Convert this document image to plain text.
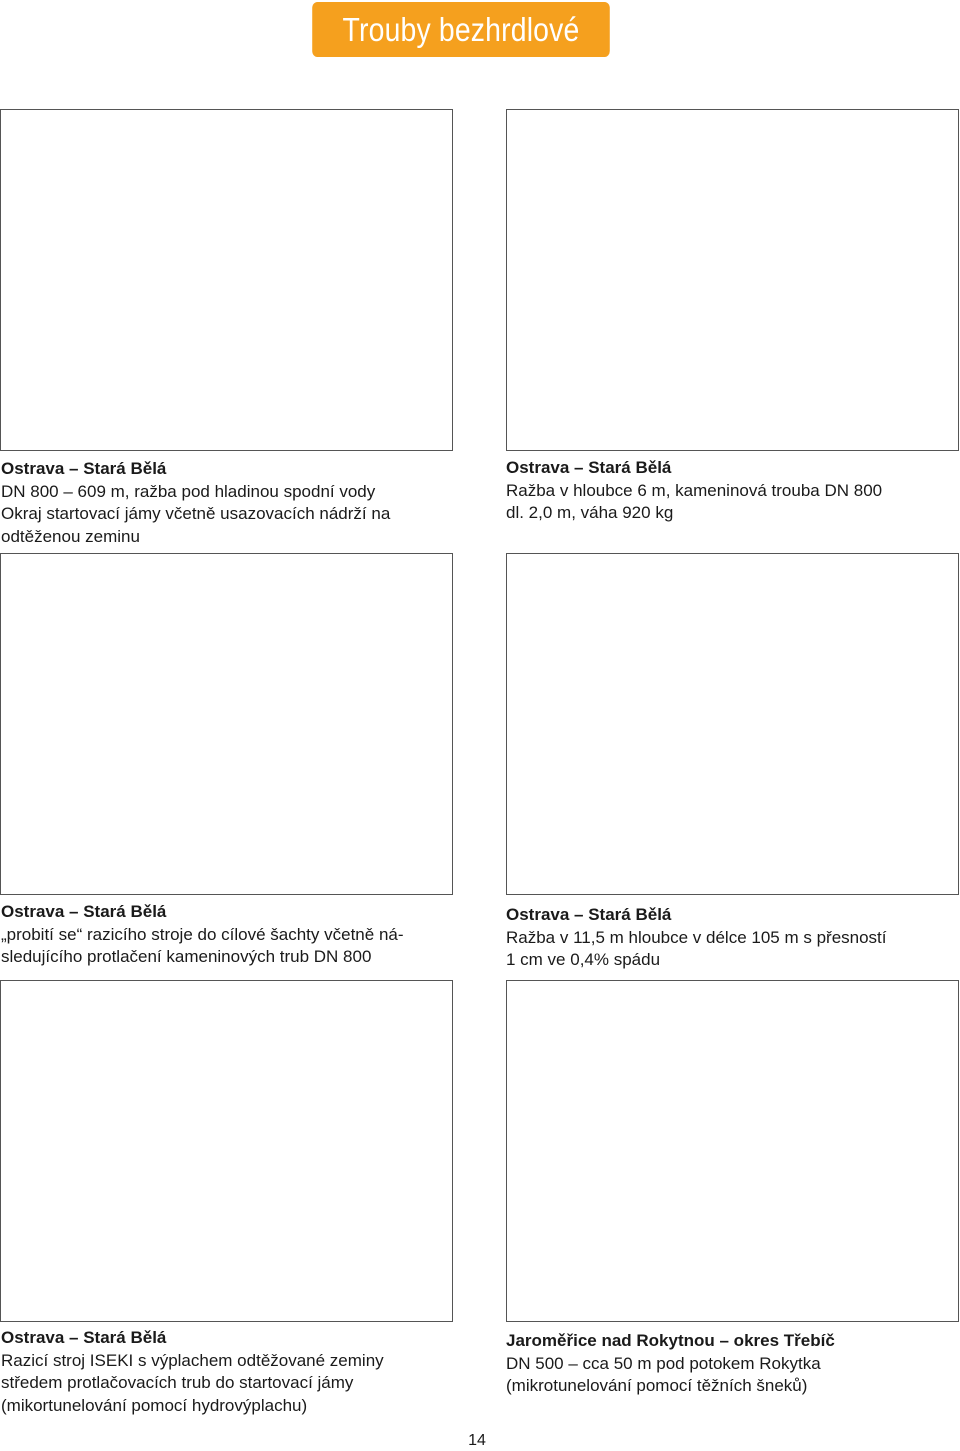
Trouby bezhrdlové
Ostrava – Stará Bělá
DN 800 – 609 m, ražba pod hladinou spodní vody
Okraj startovací jámy včetně usazovacích nádrží na
odtěženou zeminu
Ostrava – Stará Bělá
Ražba v hloubce 6 m, kameninová trouba DN 800
dl. 2,0 m, váha 920 kg
Ostrava – Stará Bělá
„probití se“ razicího stroje do cílové šachty včetně ná-
sledujícího protlačení kameninových trub DN 800
Ostrava – Stará Bělá
Ražba v 11,5 m hloubce v délce 105 m s přesností
1 cm ve 0,4% spádu
Ostrava – Stará Bělá
Razicí stroj ISEKI s výplachem odtěžované zeminy
středem protlačovacích trub do startovací jámy
(mikortunelování pomocí hydrovýplachu)
Jaroměřice nad Rokytnou – okres Třebíč
DN 500 – cca 50 m pod potokem Rokytka
(mikrotunelování pomocí těžních šneků)
14
